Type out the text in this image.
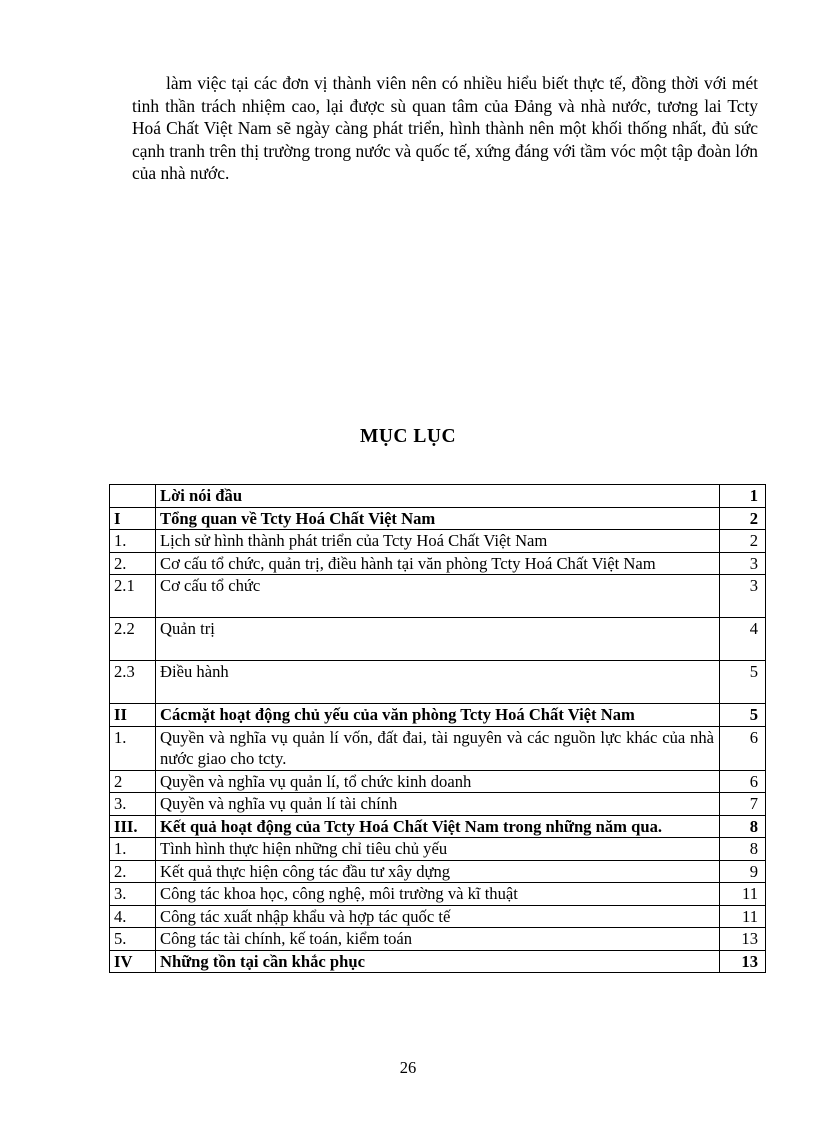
làm việc tại các đơn vị thành viên nên có nhiều hiểu biết thực tế, đồng thời với mét tinh thần trách nhiệm cao, lại được sù quan tâm của Đảng và nhà nước, tương lai Tcty Hoá Chất Việt Nam sẽ ngày càng phát triển, hình thành nên một khối thống nhất, đủ sức cạnh tranh trên thị trường trong nước và quốc tế, xứng đáng với tầm vóc một tập đoàn lớn của nhà nước.

MỤC LỤC
	Lời nói đầu	1
I	Tổng quan về Tcty Hoá Chất Việt Nam	2
1.	Lịch sử hình thành phát triển của Tcty Hoá Chất Việt Nam	2
2.	Cơ cấu tổ chức, quản trị, điều hành tại văn phòng Tcty Hoá Chất Việt Nam	3
2.1	Cơ cấu tổ chức	3
2.2	Quản trị	4
2.3	Điều hành	5
II	Cácmặt hoạt động chủ yếu của văn phòng Tcty Hoá Chất Việt Nam	5
1.	Quyền và nghĩa vụ quản lí vốn, đất đai, tài nguyên và các nguồn lực khác của nhà nước giao cho tcty.	6
2	Quyền và nghĩa vụ quản lí, tổ chức kinh doanh	6
3.	Quyền và nghĩa vụ quản lí tài chính	7
III.	Kết quả hoạt động của Tcty Hoá Chất Việt Nam trong những năm qua.	8
1.	Tình hình thực hiện những chỉ tiêu chủ yếu	8
2.	Kết quả thực hiện công tác đầu tư xây dựng	9
3.	Công tác khoa học, công nghệ, môi trường và kĩ thuật	11
4.	Công tác xuất nhập khẩu và hợp tác quốc tế	11
5.	Công tác tài chính, kế toán, kiểm toán	13
IV	Những tồn tại cần khắc phục	13

26
